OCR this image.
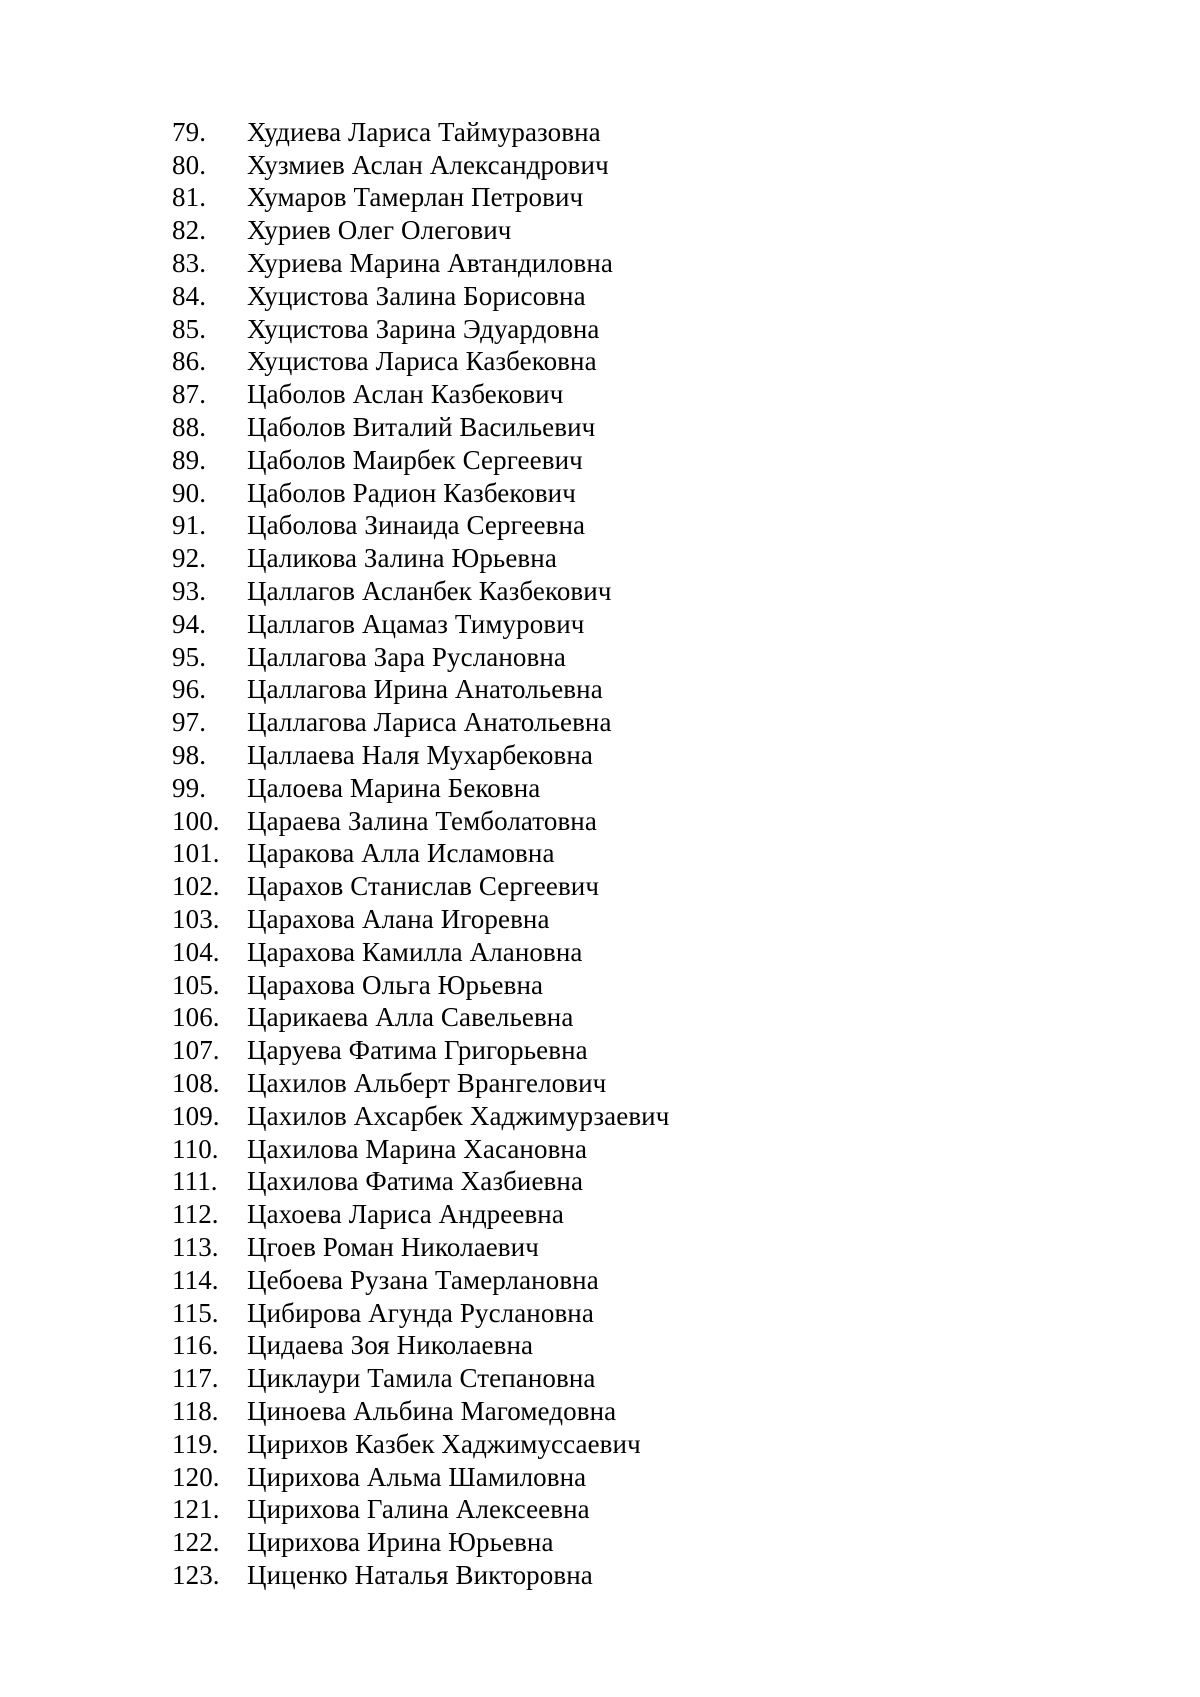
79.	Худиева Лариса Таймуразовна
80.	Хузмиев Аслан Александрович
81.	Хумаров Тамерлан Петрович
82.	Хуриев Олег Олегович
83.	Хуриева Марина Автандиловна
84.	Хуцистова Залина Борисовна
85.	Хуцистова Зарина Эдуардовна
86.	Хуцистова Лариса Казбековна
87.	Цаболов Аслан Казбекович
88.	Цаболов Виталий Васильевич
89.	Цаболов Маирбек Сергеевич
90.	Цаболов Радион Казбекович
91.	Цаболова Зинаида Сергеевна
92.	Цаликова Залина Юрьевна
93.	Цаллагов Асланбек Казбекович
94.	Цаллагов Ацамаз Тимурович
95.	Цаллагова Зара Руслановна
96.	Цаллагова Ирина Анатольевна
97.	Цаллагова Лариса Анатольевна
98.	Цаллаева Наля Мухарбековна
99.	Цалоева Марина Бековна
100.	Цараева Залина Темболатовна
101.	Царакова Алла Исламовна
102.	Царахов Станислав Сергеевич
103.	Царахова Алана Игоревна
104.	Царахова Камилла Алановна
105.	Царахова Ольга Юрьевна
106.	Царикаева Алла Савельевна
107.	Царуева Фатима Григорьевна
108.	Цахилов Альберт Врангелович
109.	Цахилов Ахсарбек Хаджимурзаевич
110.	Цахилова Марина Хасановна
111.	Цахилова Фатима Хазбиевна
112.	Цахоева Лариса Андреевна
113.	Цгоев Роман Николаевич
114.	Цебоева Рузана Тамерлановна
115.	Цибирова Агунда Руслановна
116.	Цидаева Зоя Николаевна
117.	Циклаури Тамила Степановна
118.	Циноева Альбина Магомедовна
119.	Цирихов Казбек Хаджимуссаевич
120.	Цирихова Альма Шамиловна
121.	Цирихова Галина Алексеевна
122.	Цирихова Ирина Юрьевна
123.	Циценко Наталья Викторовна
